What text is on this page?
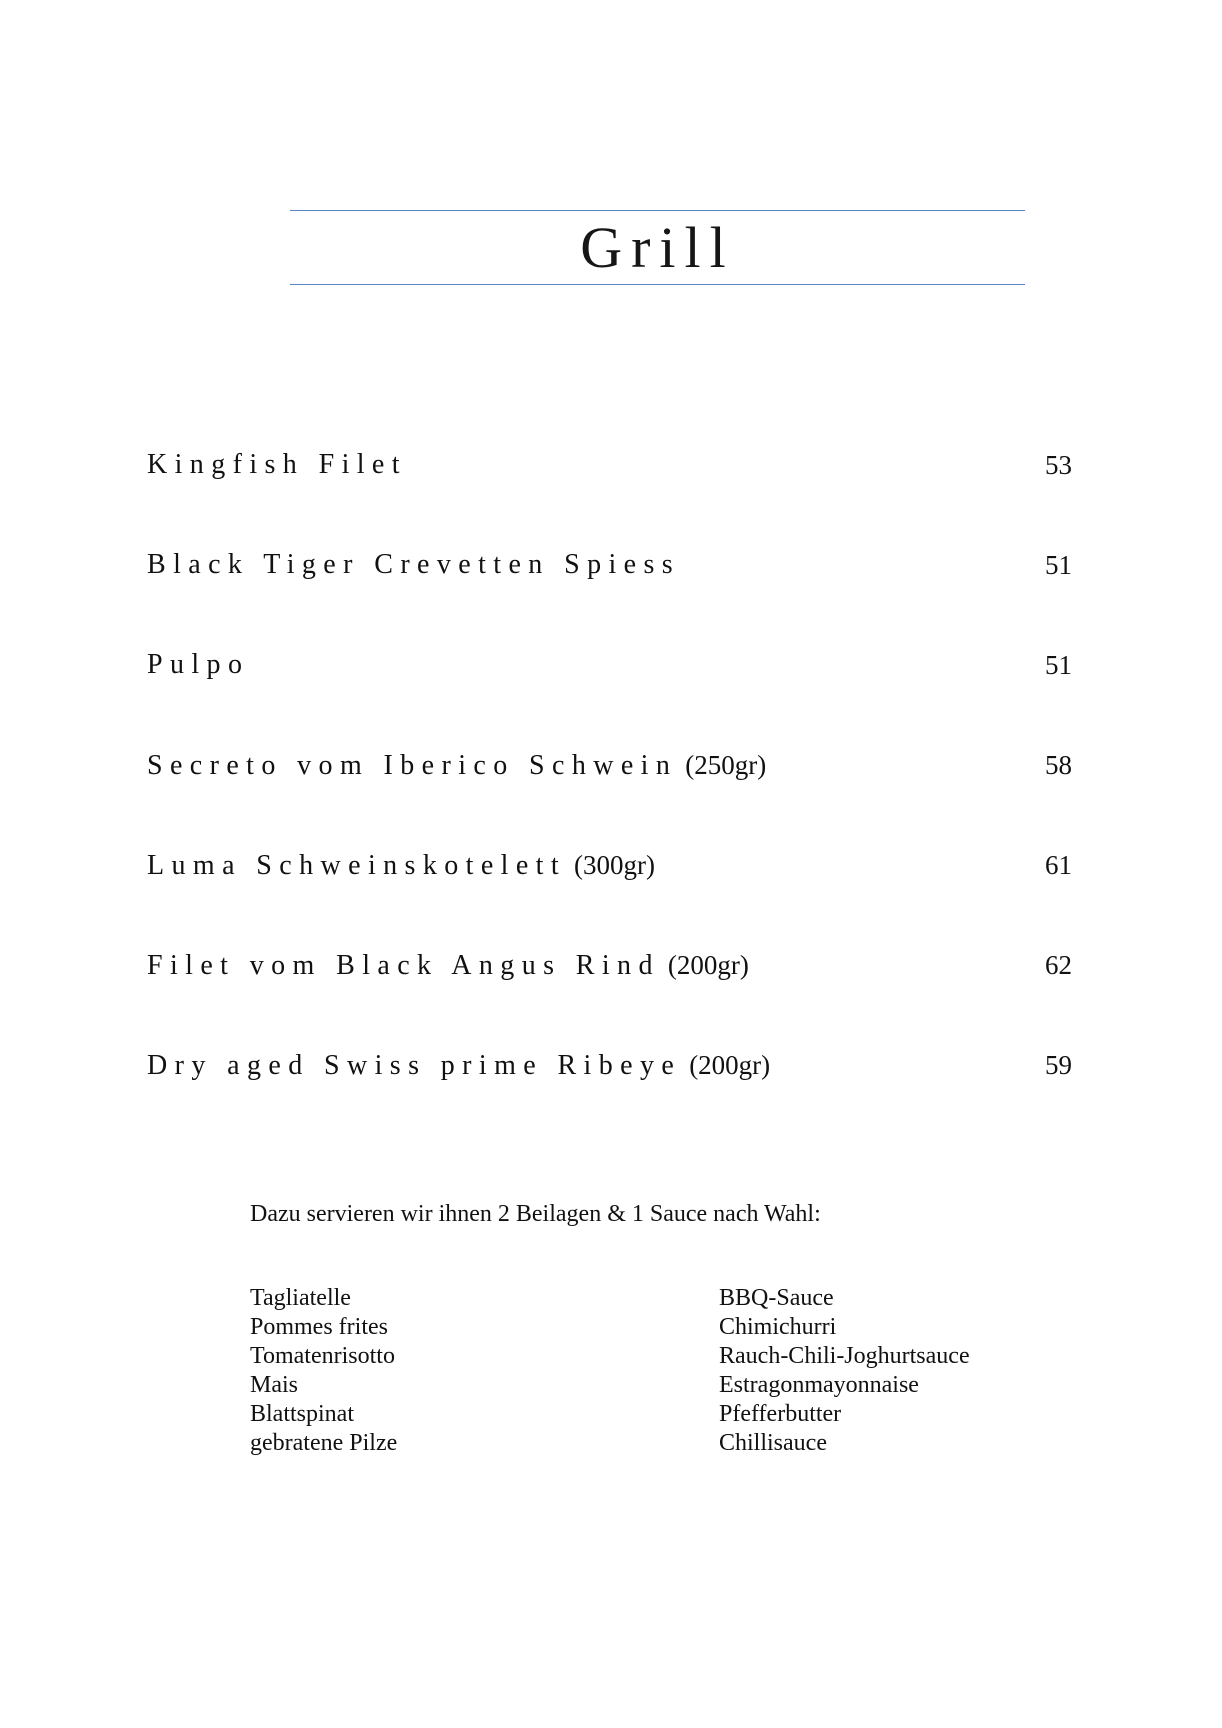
Grill
Kingfish Filet	53
Black Tiger Crevetten Spiess	51
Pulpo	51
Secreto vom Iberico Schwein (250gr)	58
Luma Schweinskotelett (300gr)	61
Filet vom Black Angus Rind (200gr)	62
Dry aged Swiss prime Ribeye (200gr)	59
Dazu servieren wir ihnen 2 Beilagen & 1 Sauce nach Wahl:
Tagliatelle
Pommes frites
Tomatenrisotto
Mais
Blattspinat
gebratene Pilze
BBQ-Sauce
Chimichurri
Rauch-Chili-Joghurtsauce
Estragonmayonnaise
Pfefferbutter
Chillisauce
